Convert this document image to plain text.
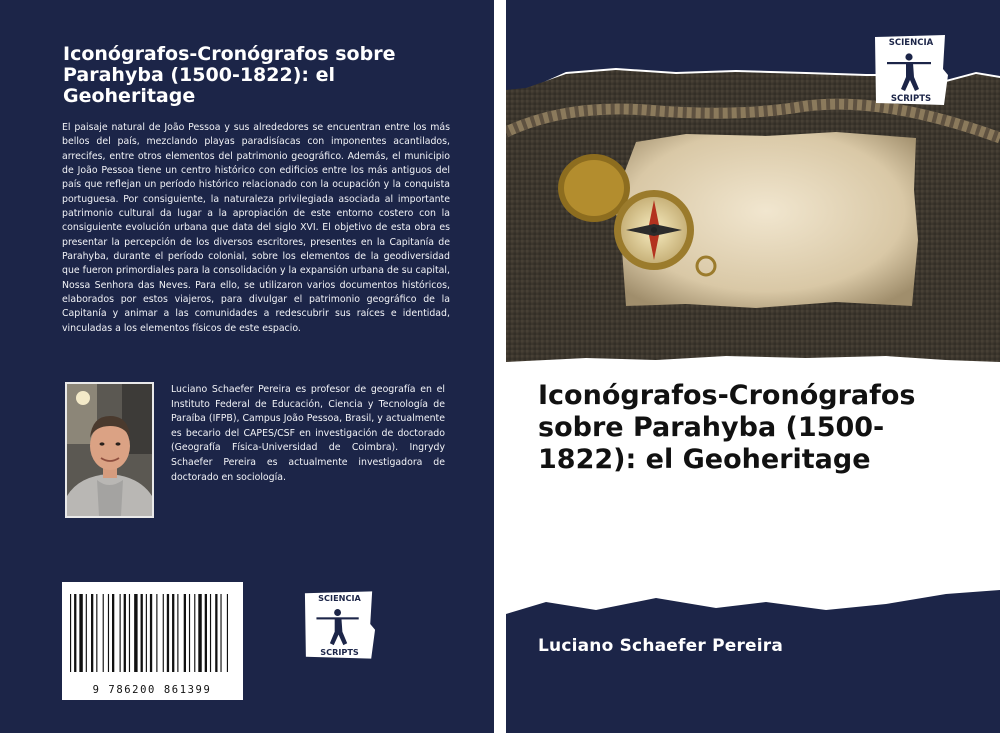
Iconógrafos-Cronógrafos sobre Parahyba (1500-1822): el Geoheritage

El paisaje natural de João Pessoa y sus alrededores se encuentran entre los más bellos del país, mezclando playas paradisíacas con imponentes acantilados, arrecifes, entre otros elementos del patrimonio geográfico. Además, el municipio de João Pessoa tiene un centro histórico con edificios entre los más antiguos del país que reflejan un período histórico relacionado con la ocupación y la conquista portuguesa. Por consiguiente, la naturaleza privilegiada asociada al importante patrimonio cultural da lugar a la apropiación de este entorno costero con la consiguiente evolución urbana que data del siglo XVI. El objetivo de esta obra es presentar la percepción de los diversos escritores, presentes en la Capitanía de Parahyba, durante el período colonial, sobre los elementos de la geodiversidad que fueron primordiales para la consolidación y la expansión urbana de su capital, Nossa Senhora das Neves. Para ello, se utilizaron varios documentos históricos, elaborados por estos viajeros, para divulgar el patrimonio geográfico de la Capitanía y animar a las comunidades a redescubrir sus raíces e identidad, vinculadas a los elementos físicos de este espacio.

Luciano Schaefer Pereira es profesor de geografía en el Instituto Federal de Educación, Ciencia y Tecnología de Paraíba (IFPB), Campus João Pessoa, Brasil, y actualmente es becario del CAPES/CSF en investigación de doctorado (Geografía Física-Universidad de Coimbra). Ingrydy Schaefer Pereira es actualmente investigadora de doctorado en sociología.

9 786200 861399
SCIENCIA
SCRIPTS
Iconógrafos-Cronógrafos sobre Parahyba (1500-1822): el Geoheritage

Luciano Schaefer Pereira

SCIENCIA
SCRIPTS
